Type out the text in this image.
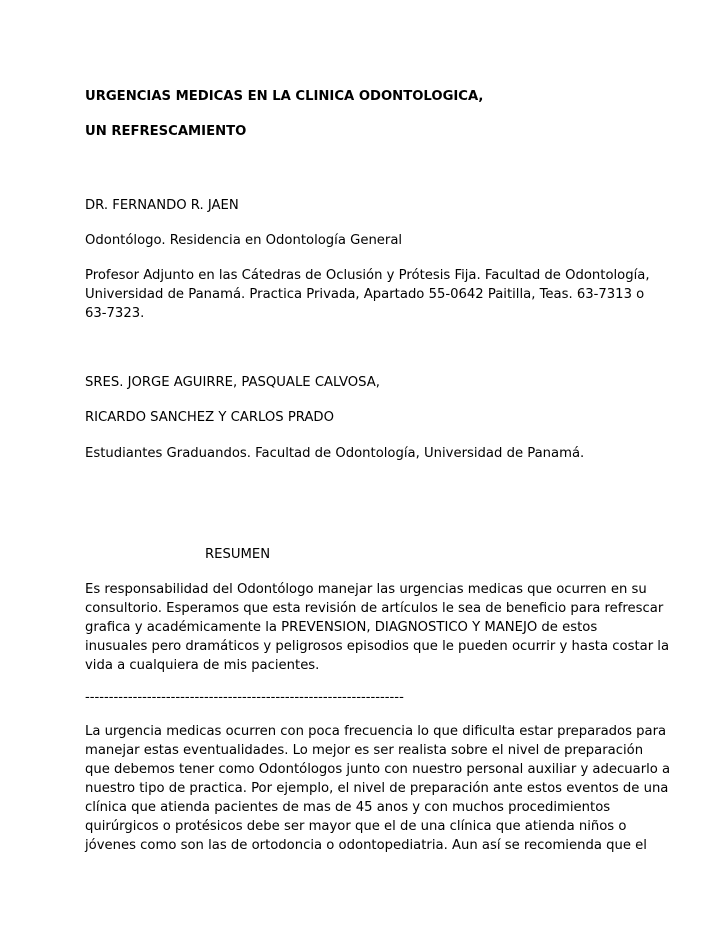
URGENCIAS MEDICAS EN LA CLINICA ODONTOLOGICA,
UN REFRESCAMIENTO
DR. FERNANDO R. JAEN
Odontólogo. Residencia en Odontología General
Profesor Adjunto en las Cátedras de Oclusión y Prótesis Fija. Facultad de Odontología,
Universidad de Panamá. Practica Privada, Apartado 55-0642 Paitilla, Teas. 63-7313 o
63-7323.
SRES. JORGE AGUIRRE, PASQUALE CALVOSA,
RICARDO SANCHEZ Y CARLOS PRADO
Estudiantes Graduandos. Facultad de Odontología, Universidad de Panamá.
RESUMEN
Es responsabilidad del Odontólogo manejar las urgencias medicas que ocurren en su
consultorio. Esperamos que esta revisión de artículos le sea de beneficio para refrescar
grafica y académicamente la PREVENSION, DIAGNOSTICO Y MANEJO de estos
inusuales pero dramáticos y peligrosos episodios que le pueden ocurrir y hasta costar la
vida a cualquiera de mis pacientes.
-------------------------------------------------------------------
La urgencia medicas ocurren con poca frecuencia lo que dificulta estar preparados para
manejar estas eventualidades. Lo mejor es ser realista sobre el nivel de preparación
que debemos tener como Odontólogos junto con nuestro personal auxiliar y adecuarlo a
nuestro tipo de practica. Por ejemplo, el nivel de preparación ante estos eventos de una
clínica que atienda pacientes de mas de 45 anos y con muchos procedimientos
quirúrgicos o protésicos debe ser mayor que el de una clínica que atienda niños o
jóvenes como son las de ortodoncia o odontopediatria. Aun así se recomienda que el
